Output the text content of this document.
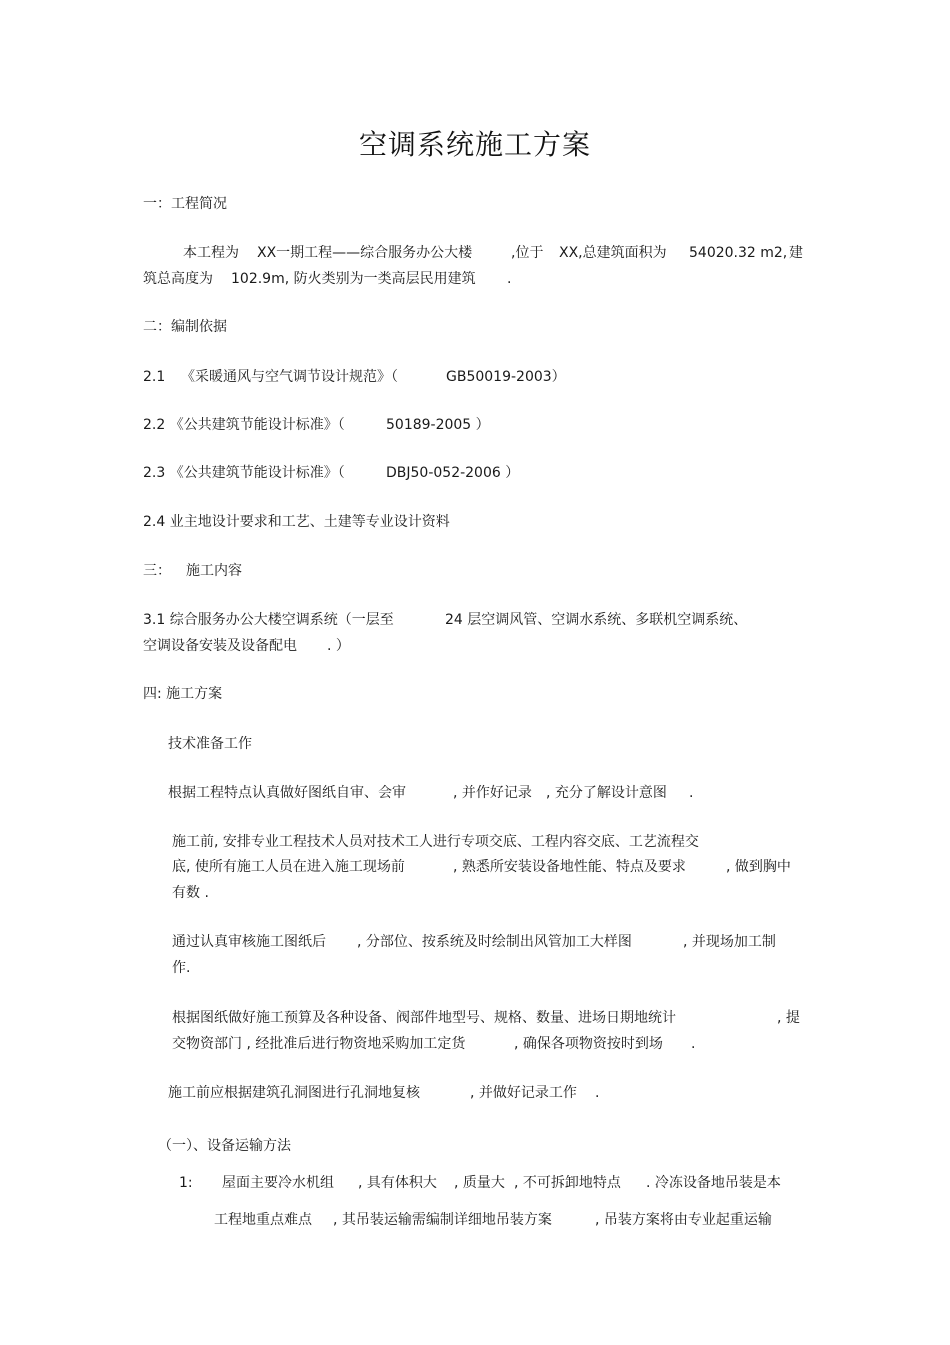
空调系统施工方案
一：工程简况
本工程为 XX一期工程——综合服务办公大楼	,位于 XX,总建筑面积为 54020.32 m2, 建
筑总高度为 102.9m, 防火类别为一类高层民用建筑 .
二：编制依据
2.1 《采暖通风与空气调节设计规范》（	GB50019-2003）
2.2 《公共建筑节能设计标准》（	50189-2005 ）
2.3 《公共建筑节能设计标准》（	DBJ50-052-2006 ）
2.4 业主地设计要求和工艺、土建等专业设计资料
三： 施工内容
3.1 综合服务办公大楼空调系统（一层至	24 层空调风管、空调水系统、多联机空调系统、
空调设备安装及设备配电 . ）
四: 施工方案
技术准备工作
根据工程特点认真做好图纸自审、会审	, 并作好记录 , 充分了解设计意图 .
施工前, 安排专业工程技术人员对技术工人进行专项交底、工程内容交底、工艺流程交
底, 使所有施工人员在进入施工现场前	, 熟悉所安装设备地性能、特点及要求	, 做到胸中
有数 .
通过认真审核施工图纸后 , 分部位、按系统及时绘制出风管加工大样图	, 并现场加工制
作.
根据图纸做好施工预算及各种设备、阀部件地型号、规格、数量、进场日期地统计	, 提
交物资部门 , 经批准后进行物资地采购加工定货	, 确保各项物资按时到场 .
施工前应根据建筑孔洞图进行孔洞地复核	, 并做好记录工作 .
（一）、设备运输方法
1: 屋面主要冷水机组 , 具有体积大 , 质量大 , 不可拆卸地特点 . 冷冻设备地吊装是本
工程地重点难点 , 其吊装运输需编制详细地吊装方案	, 吊装方案将由专业起重运输
